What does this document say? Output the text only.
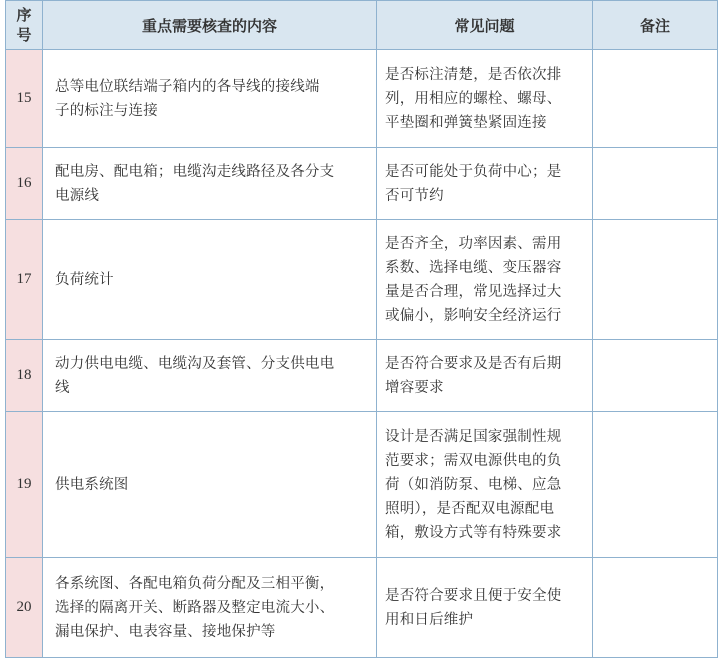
序
号	重点需要核查的内容	常见问题	备注
15	总等电位联结端子箱内的各导线的接线端
子的标注与连接	是否标注清楚，是否依次排
列，用相应的螺栓、螺母、
平垫圈和弹簧垫紧固连接	

16	配电房、配电箱；电缆沟走线路径及各分支
电源线	是否可能处于负荷中心；是
否可节约	

17	负荷统计	是否齐全，功率因素、需用
系数、选择电缆、变压器容
量是否合理，常见选择过大
或偏小，影响安全经济运行	

18	动力供电电缆、电缆沟及套管、分支供电电
线	是否符合要求及是否有后期
增容要求	

19	供电系统图	设计是否满足国家强制性规
范要求；需双电源供电的负
荷（如消防泵、电梯、应急
照明），是否配双电源配电
箱，敷设方式等有特殊要求	

20	各系统图、各配电箱负荷分配及三相平衡，
选择的隔离开关、断路器及整定电流大小、
漏电保护、电表容量、接地保护等	是否符合要求且便于安全使
用和日后维护	
